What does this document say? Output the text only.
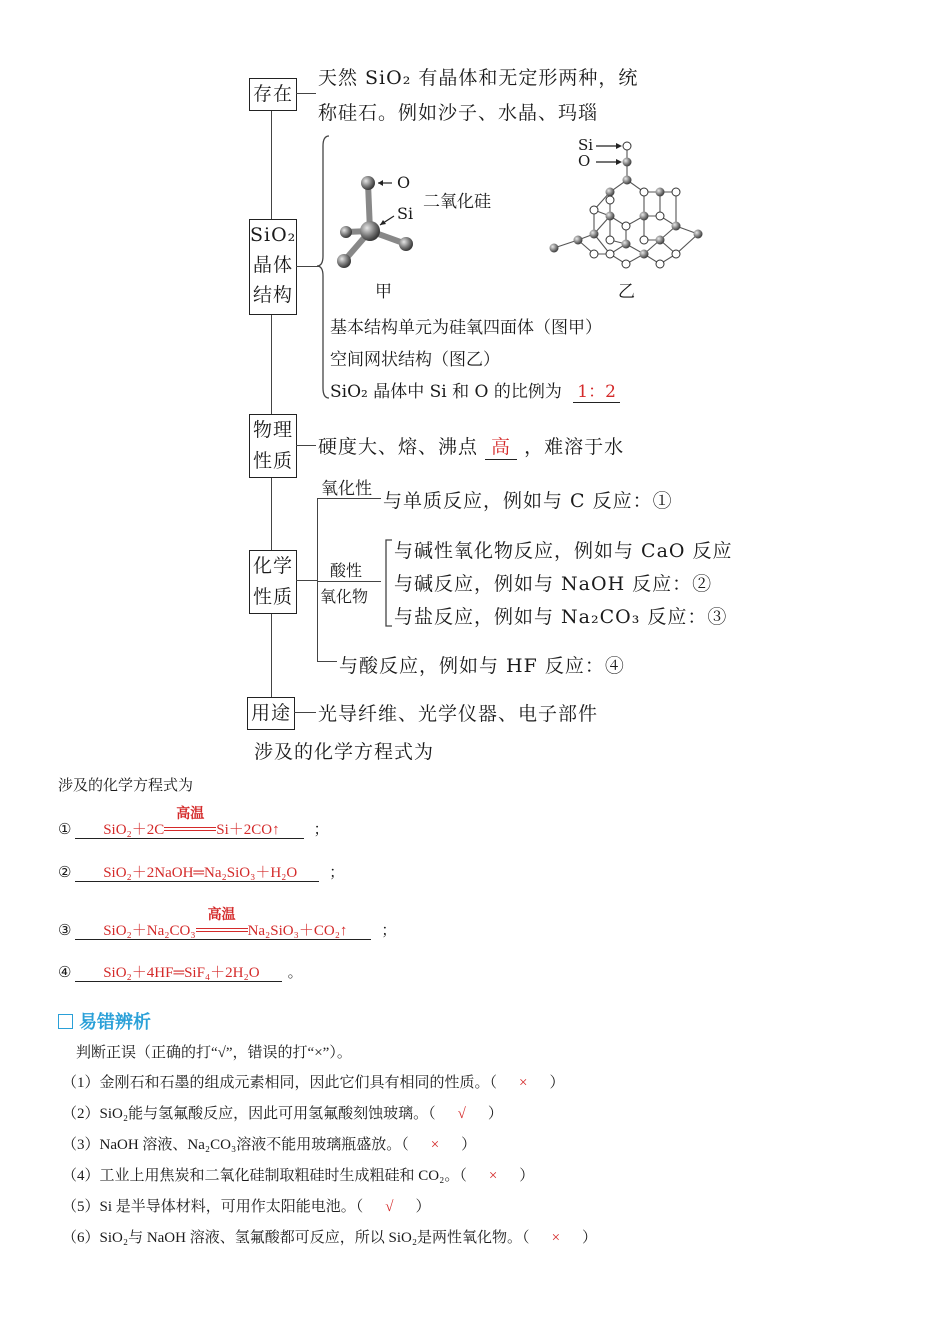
存在
天然 SiO₂ 有晶体和无定形两种，统
称硅石。例如沙子、水晶、玛瑙
SiO₂
晶体
结构
O
Si
二氧化硅
甲
Si
O
乙
基本结构单元为硅氧四面体（图甲）
空间网状结构（图乙）
SiO₂ 晶体中 Si 和 O 的比例为 1：2
物理
性质
硬度大、熔、沸点 高 ，难溶于水
化学
性质
氧化性
与单质反应，例如与 C 反应：①
酸性
氧化物
与碱性氧化物反应，例如与 CaO 反应
与碱反应，例如与 NaOH 反应：②
与盐反应，例如与 Na₂CO₃ 反应：③
与酸反应，例如与 HF 反应：④
用途 光导纤维、光学仪器、电子部件
涉及的化学方程式为
涉及的化学方程式为
① SiO₂＋2C
高温
Si＋2CO↑ ；
② SiO₂＋2NaOH═Na₂SiO₃＋H₂O ；
③ SiO₂＋Na₂CO₃
高温
Na₂SiO₃＋CO₂↑ ；
④ SiO₂＋4HF═SiF₄＋2H₂O 。
易错辨析
判断正误（正确的打“√”，错误的打“×”）。
（1）金刚石和石墨的组成元素相同，因此它们具有相同的性质。（ × ）
（2）SiO₂能与氢氟酸反应，因此可用氢氟酸刻蚀玻璃。（ √ ）
（3）NaOH 溶液、Na₂CO₃溶液不能用玻璃瓶盛放。（ × ）
（4）工业上用焦炭和二氧化硅制取粗硅时生成粗硅和 CO₂。（ × ）
（5）Si 是半导体材料，可用作太阳能电池。（ √ ）
（6）SiO₂与 NaOH 溶液、氢氟酸都可反应，所以 SiO₂是两性氧化物。（ × ）
